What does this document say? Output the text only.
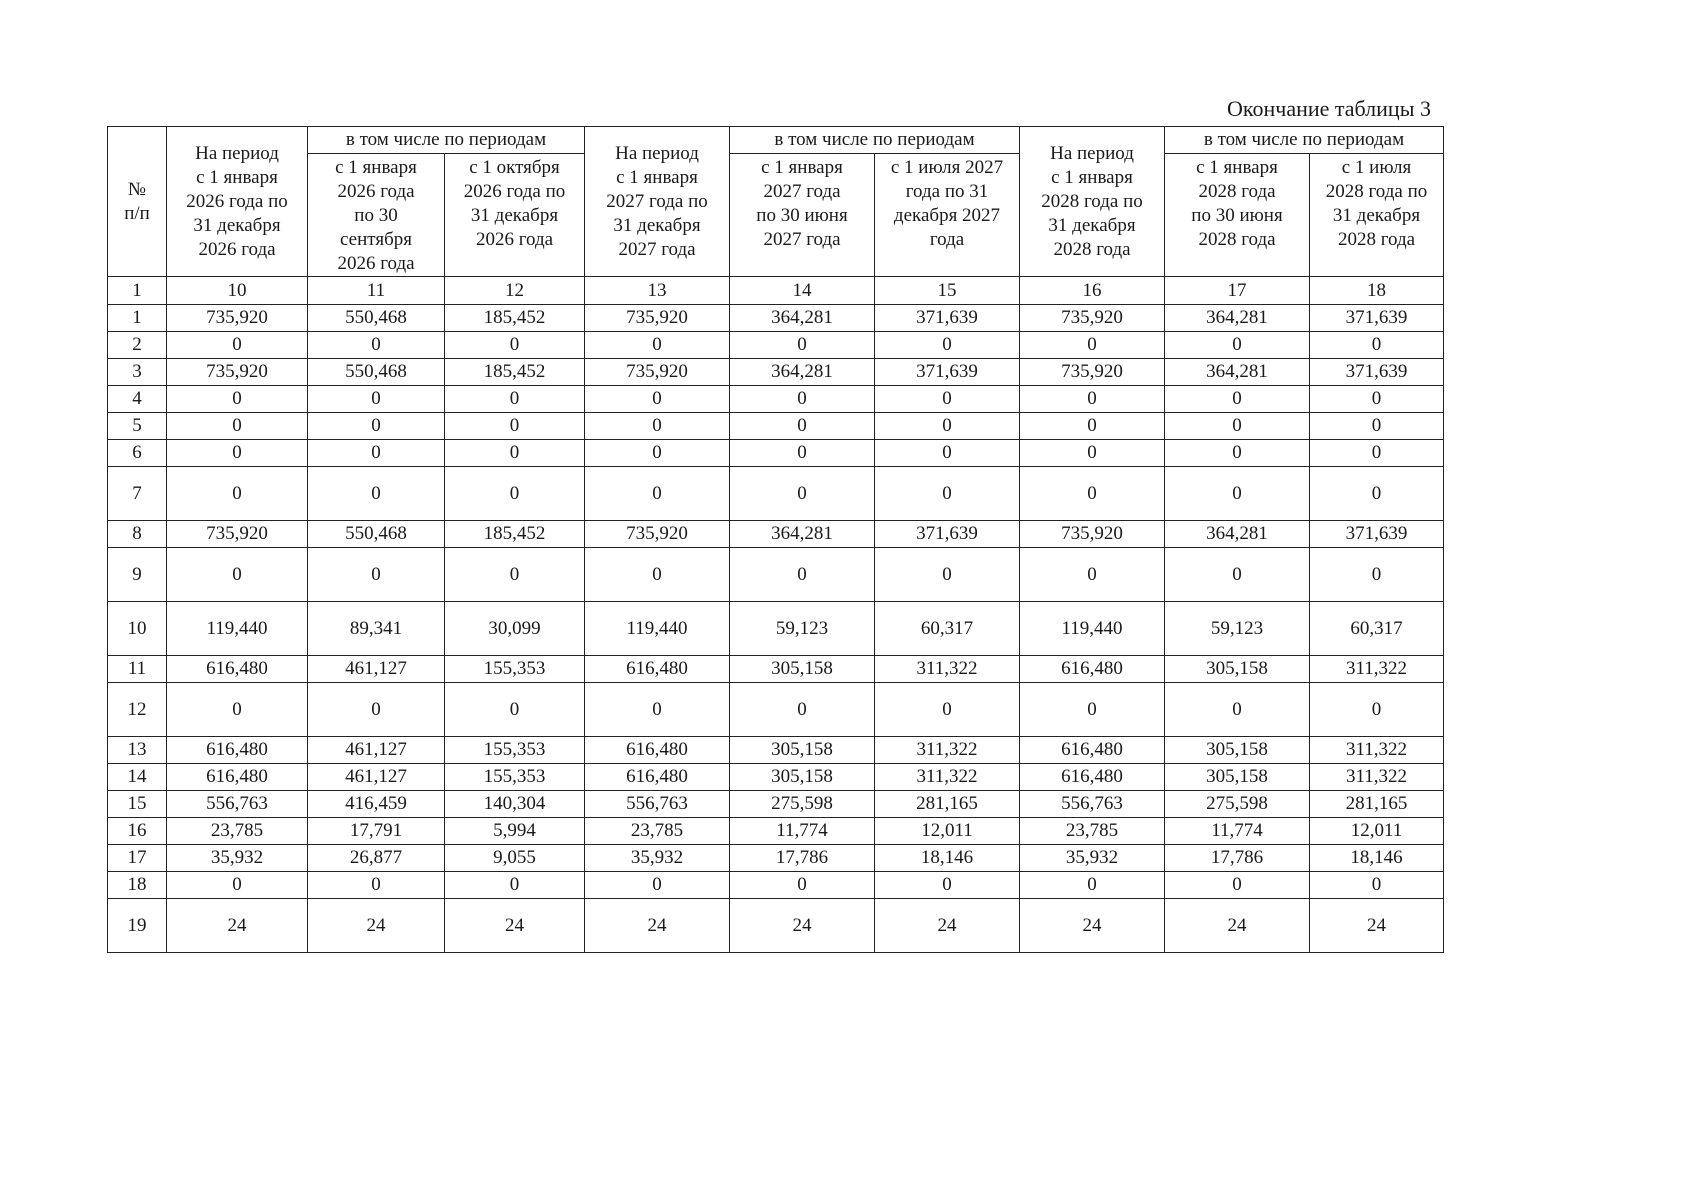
Окончание таблицы 3
№
п/п	На период
с 1 января
2026 года по
31 декабря
2026 года	в том числе по периодам		На период
с 1 января
2027 года по
31 декабря
2027 года	в том числе по периодам		На период
с 1 января
2028 года по
31 декабря
2028 года	в том числе по периодам	
		с 1 января
2026 года
по 30
сентября
2026 года	с 1 октября
2026 года по
31 декабря
2026 года		с 1 января
2027 года
по 30 июня
2027 года	с 1 июля 2027
года по 31
декабря 2027
года		с 1 января
2028 года
по 30 июня
2028 года	с 1 июля
2028 года по
31 декабря
2028 года
1	10	11	12	13	14	15	16	17	18
1	735,920	550,468	185,452	735,920	364,281	371,639	735,920	364,281	371,639
2	0	0	0	0	0	0	0	0	0
3	735,920	550,468	185,452	735,920	364,281	371,639	735,920	364,281	371,639
4	0	0	0	0	0	0	0	0	0
5	0	0	0	0	0	0	0	0	0
6	0	0	0	0	0	0	0	0	0
7	0	0	0	0	0	0	0	0	0
8	735,920	550,468	185,452	735,920	364,281	371,639	735,920	364,281	371,639
9	0	0	0	0	0	0	0	0	0
10	119,440	89,341	30,099	119,440	59,123	60,317	119,440	59,123	60,317
11	616,480	461,127	155,353	616,480	305,158	311,322	616,480	305,158	311,322
12	0	0	0	0	0	0	0	0	0
13	616,480	461,127	155,353	616,480	305,158	311,322	616,480	305,158	311,322
14	616,480	461,127	155,353	616,480	305,158	311,322	616,480	305,158	311,322
15	556,763	416,459	140,304	556,763	275,598	281,165	556,763	275,598	281,165
16	23,785	17,791	5,994	23,785	11,774	12,011	23,785	11,774	12,011
17	35,932	26,877	9,055	35,932	17,786	18,146	35,932	17,786	18,146
18	0	0	0	0	0	0	0	0	0
19	24	24	24	24	24	24	24	24	24
